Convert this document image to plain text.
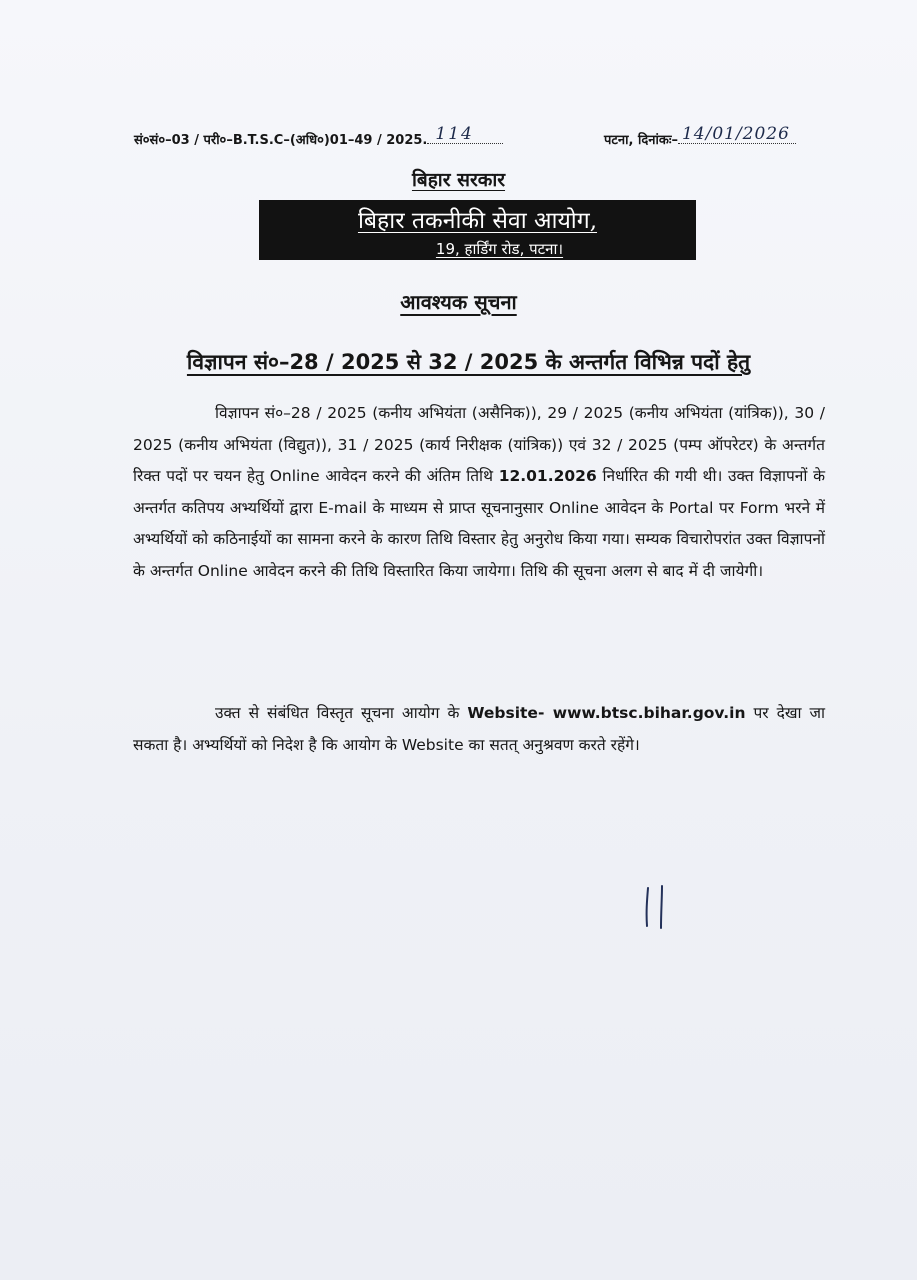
सं०सं०–03 / परी०–B.T.S.C–(अधि०)01–49 / 2025. 114	पटना, दिनांकः– 14/01/2026
बिहार सरकार
बिहार तकनीकी सेवा आयोग,
19, हार्डिंग रोड, पटना।
आवश्यक सूचना
विज्ञापन सं०–28 / 2025 से 32 / 2025 के अन्तर्गत विभिन्न पदों हेतु

विज्ञापन सं०–28 / 2025 (कनीय अभियंता (असैनिक)), 29 / 2025 (कनीय अभियंता (यांत्रिक)), 30 / 2025 (कनीय अभियंता (विद्युत)), 31 / 2025 (कार्य निरीक्षक (यांत्रिक)) एवं 32 / 2025 (पम्प ऑपरेटर) के अन्तर्गत रिक्त पदों पर चयन हेतु Online आवेदन करने की अंतिम तिथि 12.01.2026 निर्धारित की गयी थी। उक्त विज्ञापनों के अन्तर्गत कतिपय अभ्यर्थियों द्वारा E-mail के माध्यम से प्राप्त सूचनानुसार Online आवेदन के Portal पर Form भरने में अभ्यर्थियों को कठिनाईयों का सामना करने के कारण तिथि विस्तार हेतु अनुरोध किया गया। सम्यक विचारोपरांत उक्त विज्ञापनों के अन्तर्गत Online आवेदन करने की तिथि विस्तारित किया जायेगा। तिथि की सूचना अलग से बाद में दी जायेगी।

उक्त से संबंधित विस्तृत सूचना आयोग के Website- www.btsc.bihar.gov.in पर देखा जा सकता है। अभ्यर्थियों को निदेश है कि आयोग के Website का सतत् अनुश्रवण करते रहेंगे।
